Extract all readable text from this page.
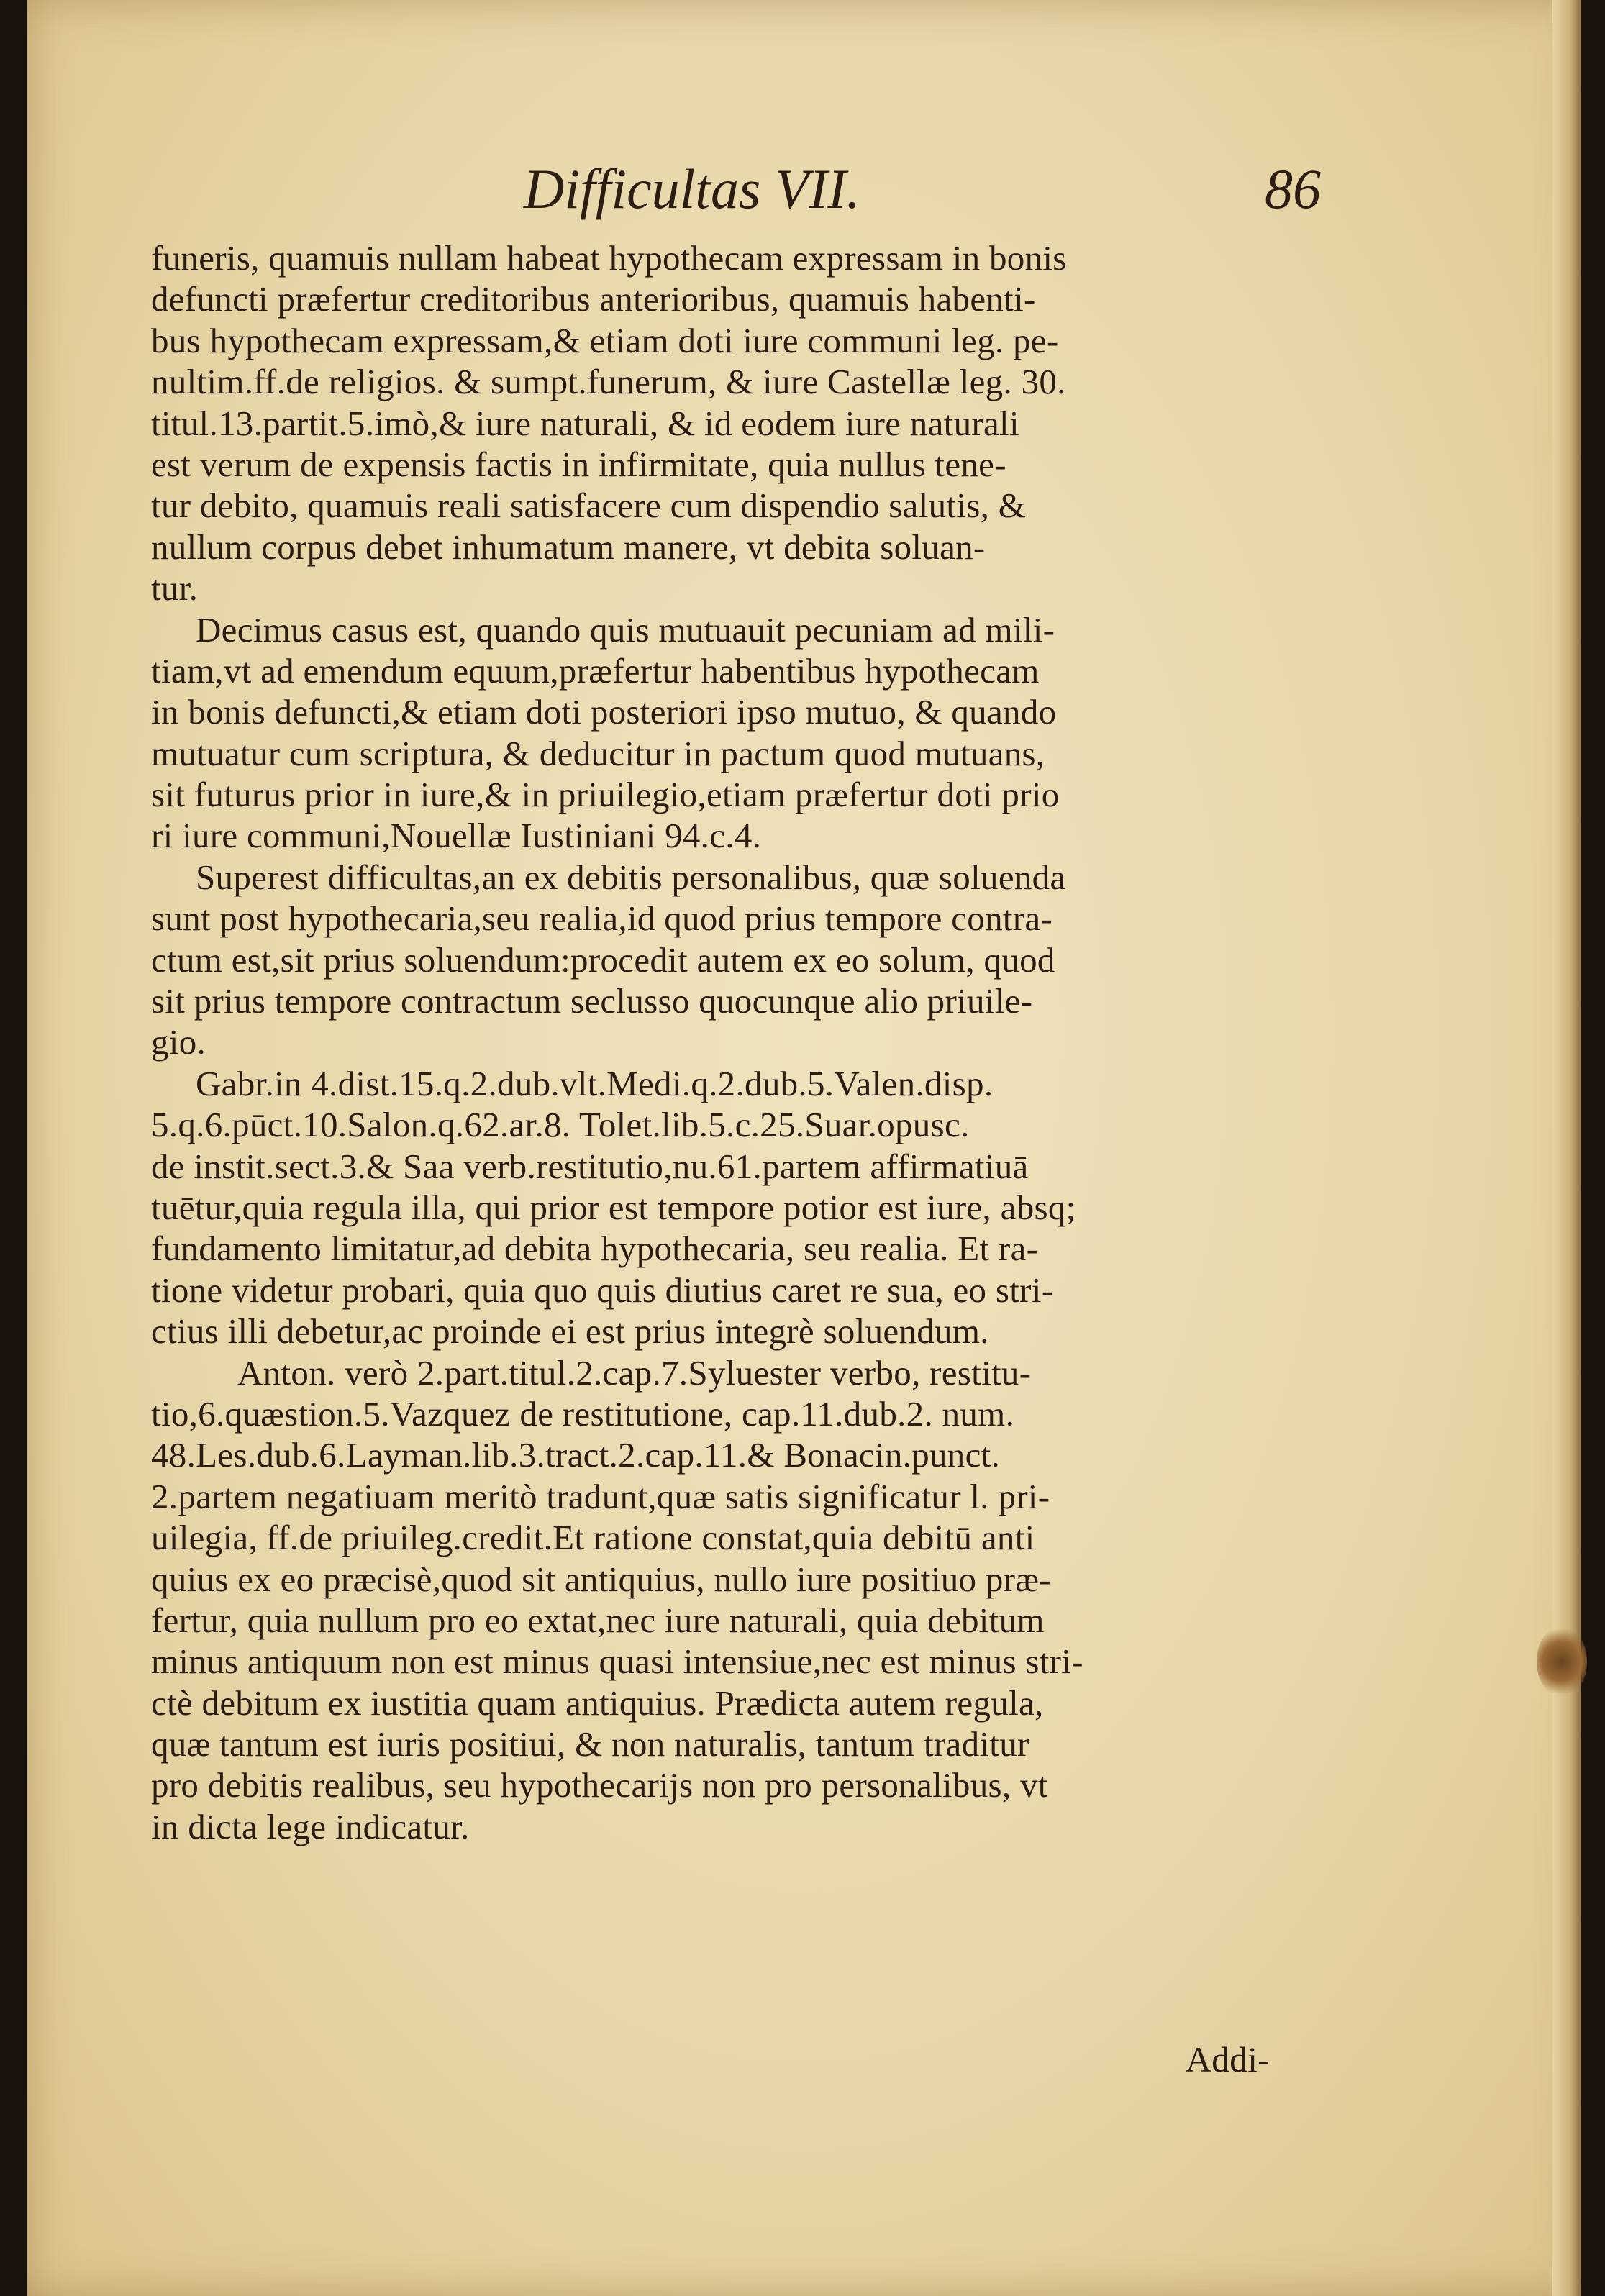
Difficultas VII.	86
funeris, quamuis nullam habeat hypothecam expressam in bonis
defuncti præfertur creditoribus anterioribus, quamuis habenti-
bus hypothecam expressam,& etiam doti iure communi leg. pe-
nultim.ff.de religios. & sumpt.funerum, & iure Castellæ leg. 30.
titul.13.partit.5.imò,& iure naturali, & id eodem iure naturali
est verum de expensis factis in infirmitate, quia nullus tene-
tur debito, quamuis reali satisfacere cum dispendio salutis, &
nullum corpus debet inhumatum manere, vt debita soluan-
tur.
Decimus casus est, quando quis mutuauit pecuniam ad mili-
tiam,vt ad emendum equum,præfertur habentibus hypothecam
in bonis defuncti,& etiam doti posteriori ipso mutuo, & quando
mutuatur cum scriptura, & deducitur in pactum quod mutuans,
sit futurus prior in iure,& in priuilegio,etiam præfertur doti prio
ri iure communi,Nouellæ Iustiniani 94.c.4.
Superest difficultas,an ex debitis personalibus, quæ soluenda
sunt post hypothecaria,seu realia,id quod prius tempore contra-
ctum est,sit prius soluendum:procedit autem ex eo solum, quod
sit prius tempore contractum seclusso quocunque alio priuile-
gio.
Gabr.in 4.dist.15.q.2.dub.vlt.Medi.q.2.dub.5.Valen.disp.
5.q.6.pūct.10.Salon.q.62.ar.8. Tolet.lib.5.c.25.Suar.opusc.
de instit.sect.3.& Saa verb.restitutio,nu.61.partem affirmatiuā
tuētur,quia regula illa, qui prior est tempore potior est iure, absq;
fundamento limitatur,ad debita hypothecaria, seu realia. Et ra-
tione videtur probari, quia quo quis diutius caret re sua, eo stri-
ctius illi debetur,ac proinde ei est prius integrè soluendum.
Anton. verò 2.part.titul.2.cap.7.Syluester verbo, restitu-
tio,6.quæstion.5.Vazquez de restitutione, cap.11.dub.2. num.
48.Les.dub.6.Layman.lib.3.tract.2.cap.11.& Bonacin.punct.
2.partem negatiuam meritò tradunt,quæ satis significatur l. pri-
uilegia, ff.de priuileg.credit.Et ratione constat,quia debitū anti
quius ex eo præcisè,quod sit antiquius, nullo iure positiuo præ-
fertur, quia nullum pro eo extat,nec iure naturali, quia debitum
minus antiquum non est minus quasi intensiue,nec est minus stri-
ctè debitum ex iustitia quam antiquius. Prædicta autem regula,
quæ tantum est iuris positiui, & non naturalis, tantum traditur
pro debitis realibus, seu hypothecarijs non pro personalibus, vt
in dicta lege indicatur.
Addi-
